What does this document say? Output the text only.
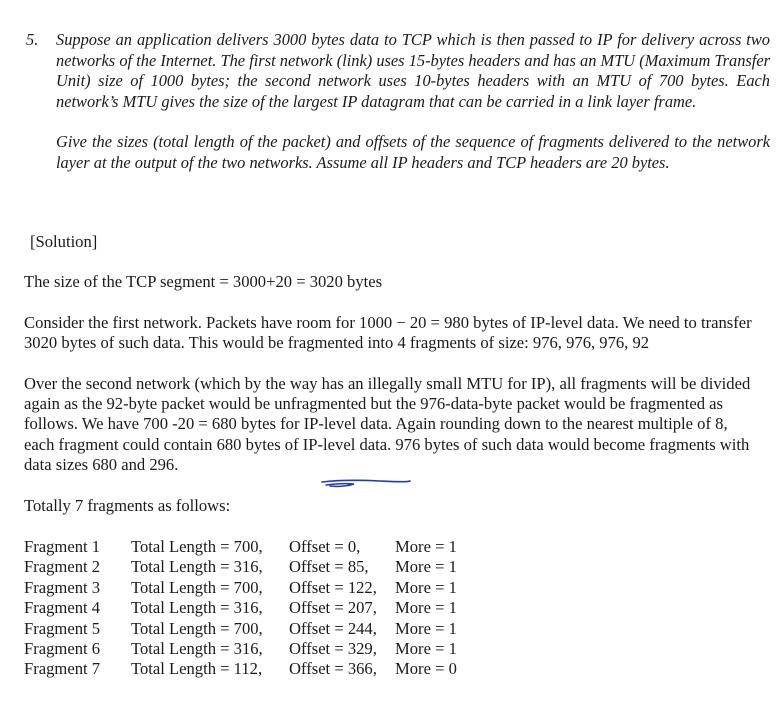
5. Suppose an application delivers 3000 bytes data to TCP which is then passed to IP for delivery across two networks of the Internet. The first network (link) uses 15-bytes headers and has an MTU (Maximum Transfer Unit) size of 1000 bytes; the second network uses 10-bytes headers with an MTU of 700 bytes. Each network’s MTU gives the size of the largest IP datagram that can be carried in a link layer frame.

Give the sizes (total length of the packet) and offsets of the sequence of fragments delivered to the network layer at the output of the two networks. Assume all IP headers and TCP headers are 20 bytes.

[Solution]

The size of the TCP segment = 3000+20 = 3020 bytes

Consider the first network. Packets have room for 1000 − 20 = 980 bytes of IP-level data. We need to transfer 3020 bytes of such data. This would be fragmented into 4 fragments of size: 976, 976, 976, 92

Over the second network (which by the way has an illegally small MTU for IP), all fragments will be divided again as the 92-byte packet would be unfragmented but the 976-data-byte packet would be fragmented as follows. We have 700 -20 = 680 bytes for IP-level data. Again rounding down to the nearest multiple of 8, each fragment could contain 680 bytes of IP-level data. 976 bytes of such data would become fragments with data sizes 680 and 296.

Totally 7 fragments as follows:

Fragment 1	Total Length = 700,	Offset = 0,	More = 1
Fragment 2	Total Length = 316,	Offset = 85,	More = 1
Fragment 3	Total Length = 700,	Offset = 122,	More = 1
Fragment 4	Total Length = 316,	Offset = 207,	More = 1
Fragment 5	Total Length = 700,	Offset = 244,	More = 1
Fragment 6	Total Length = 316,	Offset = 329,	More = 1
Fragment 7	Total Length = 112,	Offset = 366,	More = 0
